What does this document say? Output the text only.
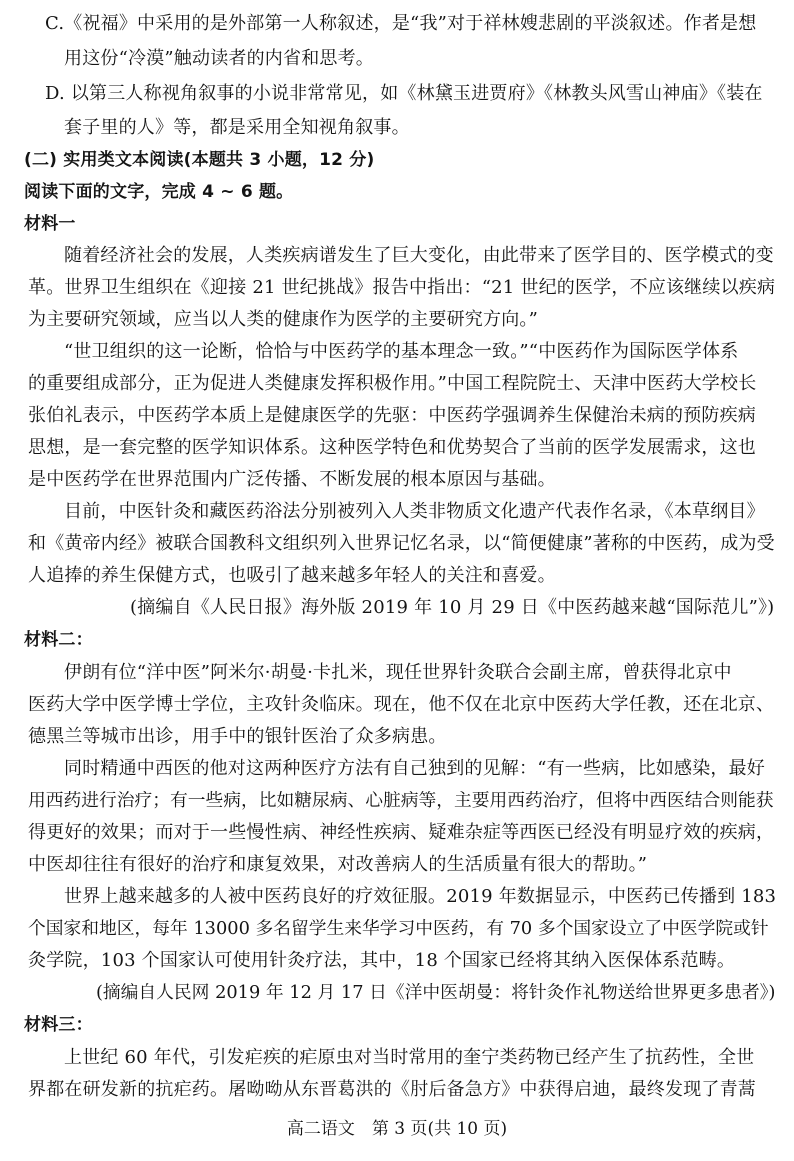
C.《祝福》中采用的是外部第一人称叙述，是“我”对于祥林嫂悲剧的平淡叙述。作者是想
用这份“冷漠”触动读者的内省和思考。
D. 以第三人称视角叙事的小说非常常见，如《林黛玉进贾府》《林教头风雪山神庙》《装在
套子里的人》等，都是采用全知视角叙事。
(二) 实用类文本阅读(本题共 3 小题，12 分)
阅读下面的文字，完成 4 ~ 6 题。
材料一
随着经济社会的发展，人类疾病谱发生了巨大变化，由此带来了医学目的、医学模式的变
革。世界卫生组织在《迎接 21 世纪挑战》报告中指出：“21 世纪的医学，不应该继续以疾病
为主要研究领域，应当以人类的健康作为医学的主要研究方向。”
“世卫组织的这一论断，恰恰与中医药学的基本理念一致。”“中医药作为国际医学体系
的重要组成部分，正为促进人类健康发挥积极作用。”中国工程院院士、天津中医药大学校长
张伯礼表示，中医药学本质上是健康医学的先驱：中医药学强调养生保健治未病的预防疾病
思想，是一套完整的医学知识体系。这种医学特色和优势契合了当前的医学发展需求，这也
是中医药学在世界范围内广泛传播、不断发展的根本原因与基础。
目前，中医针灸和藏医药浴法分别被列入人类非物质文化遗产代表作名录，《本草纲目》
和《黄帝内经》被联合国教科文组织列入世界记忆名录，以“简便健康”著称的中医药，成为受
人追捧的养生保健方式，也吸引了越来越多年轻人的关注和喜爱。
(摘编自《人民日报》海外版 2019 年 10 月 29 日《中医药越来越“国际范儿”》)
材料二：
伊朗有位“洋中医”阿米尔·胡曼·卡扎米，现任世界针灸联合会副主席，曾获得北京中
医药大学中医学博士学位，主攻针灸临床。现在，他不仅在北京中医药大学任教，还在北京、
德黑兰等城市出诊，用手中的银针医治了众多病患。
同时精通中西医的他对这两种医疗方法有自己独到的见解：“有一些病，比如感染，最好
用西药进行治疗；有一些病，比如糖尿病、心脏病等，主要用西药治疗，但将中西医结合则能获
得更好的效果；而对于一些慢性病、神经性疾病、疑难杂症等西医已经没有明显疗效的疾病，
中医却往往有很好的治疗和康复效果，对改善病人的生活质量有很大的帮助。”
世界上越来越多的人被中医药良好的疗效征服。2019 年数据显示，中医药已传播到 183
个国家和地区，每年 13000 多名留学生来华学习中医药，有 70 多个国家设立了中医学院或针
灸学院，103 个国家认可使用针灸疗法，其中，18 个国家已经将其纳入医保体系范畴。
(摘编自人民网 2019 年 12 月 17 日《洋中医胡曼：将针灸作礼物送给世界更多患者》)
材料三：
上世纪 60 年代，引发疟疾的疟原虫对当时常用的奎宁类药物已经产生了抗药性，全世
界都在研发新的抗疟药。屠呦呦从东晋葛洪的《肘后备急方》中获得启迪，最终发现了青蒿
高二语文　第 3 页(共 10 页)
